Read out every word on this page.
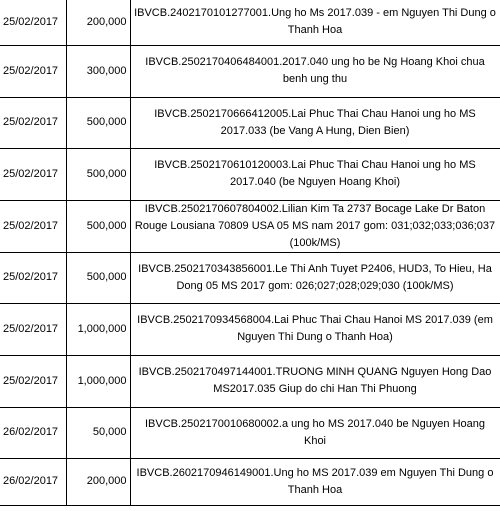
25/02/2017	200,000	IBVCB.2402170101277001.Ung ho Ms 2017.039 - em Nguyen Thi Dung o Thanh Hoa
25/02/2017	300,000	IBVCB.2502170406484001.2017.040 ung ho be Ng Hoang Khoi chua benh ung thu
25/02/2017	500,000	IBVCB.2502170666412005.Lai Phuc Thai Chau Hanoi ung ho MS 2017.033 (be Vang A Hung, Dien Bien)
25/02/2017	500,000	IBVCB.2502170610120003.Lai Phuc Thai Chau Hanoi ung ho MS 2017.040 (be Nguyen Hoang Khoi)
25/02/2017	500,000	IBVCB.2502170607804002.Lilian Kim Ta 2737 Bocage Lake Dr Baton Rouge Lousiana 70809 USA 05 MS nam 2017 gom: 031;032;033;036;037 (100k/MS)
25/02/2017	500,000	IBVCB.2502170343856001.Le Thi Anh Tuyet P2406, HUD3, To Hieu, Ha Dong 05 MS 2017 gom: 026;027;028;029;030 (100k/MS)
25/02/2017	1,000,000	IBVCB.2502170934568004.Lai Phuc Thai Chau Hanoi MS 2017.039 (em Nguyen Thi Dung o Thanh Hoa)
25/02/2017	1,000,000	IBVCB.2502170497144001.TRUONG MINH QUANG Nguyen Hong Dao MS2017.035 Giup do chi Han Thi Phuong
26/02/2017	50,000	IBVCB.2502170010680002.a ung ho MS 2017.040 be Nguyen Hoang Khoi
26/02/2017	200,000	IBVCB.2602170946149001.Ung ho MS 2017.039 em Nguyen Thi Dung o Thanh Hoa
